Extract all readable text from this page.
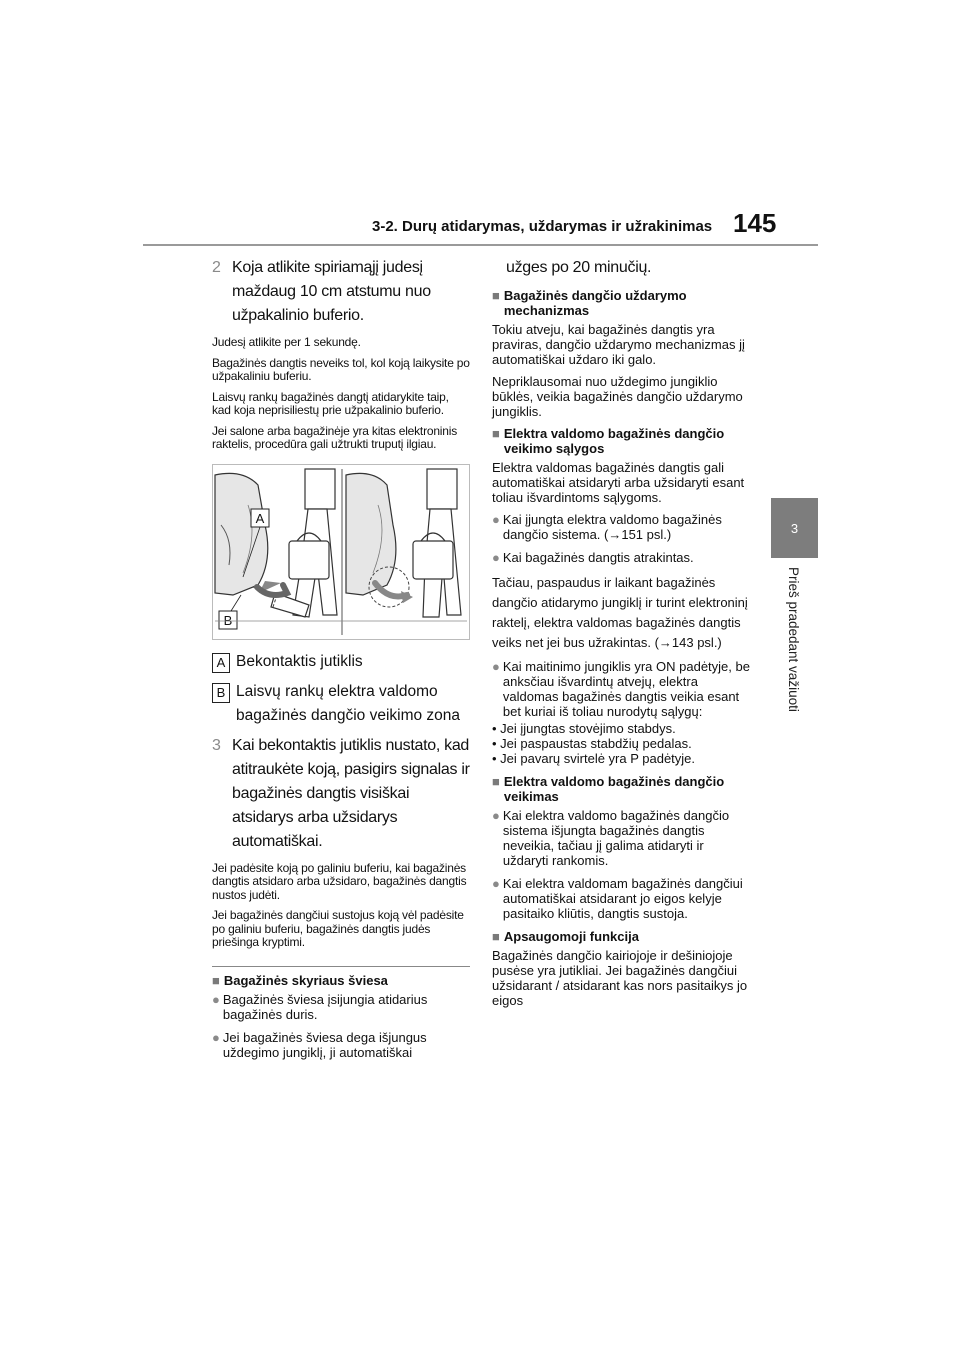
3-2. Durų atidarymas, uždarymas ir užrakinimas 145
3
Prieš pradedant važiuoti
2 Koja atlikite spiriamąjį judesį maždaug 10 cm atstumu nuo užpakalinio buferio.

Judesį atlikite per 1 sekundę.

Bagažinės dangtis neveiks tol, kol koją laikysite po užpakaliniu buferiu.

Laisvų rankų bagažinės dangtį atidarykite taip, kad koja neprisiliestų prie užpakalinio buferio.

Jei salone arba bagažinėje yra kitas elektroninis raktelis, procedūra gali užtrukti truputį ilgiau.

A
B
A Bekontaktis jutiklis
B Laisvų rankų elektra valdomo bagažinės dangčio veikimo zona
3 Kai bekontaktis jutiklis nustato, kad atitraukėte koją, pasigirs signalas ir bagažinės dangtis visiškai atsidarys arba užsidarys automatiškai.

Jei padėsite koją po galiniu buferiu, kai bagažinės dangtis atsidaro arba užsidaro, bagažinės dangtis nustos judėti.

Jei bagažinės dangčiui sustojus koją vėl padėsite po galiniu buferiu, bagažinės dangtis judės priešinga kryptimi.

■ Bagažinės skyriaus šviesa
● Bagažinės šviesa įsijungia atidarius bagažinės duris.
● Jei bagažinės šviesa dega išjungus uždegimo jungiklį, ji automatiškai
užges po 20 minučių.
■ Bagažinės dangčio uždarymo mechanizmas

Tokiu atveju, kai bagažinės dangtis yra praviras, dangčio uždarymo mechanizmas jį automatiškai uždaro iki galo.

Nepriklausomai nuo uždegimo jungiklio būklės, veikia bagažinės dangčio uždarymo jungiklis.

■ Elektra valdomo bagažinės dangčio veikimo sąlygos

Elektra valdomas bagažinės dangtis gali automatiškai atsidaryti arba užsidaryti esant toliau išvardintoms sąlygoms.

● Kai įjungta elektra valdomo bagažinės dangčio sistema. (→151 psl.)
● Kai bagažinės dangtis atrakintas.

Tačiau, paspaudus ir laikant bagažinės dangčio atidarymo jungiklį ir turint elektroninį raktelį, elektra valdomas bagažinės dangtis veiks net jei bus užrakintas. (→143 psl.)

● Kai maitinimo jungiklis yra ON padėtyje, be anksčiau išvardintų atvejų, elektra valdomas bagažinės dangtis veikia esant bet kuriai iš toliau nurodytų sąlygų:
• Jei įjungtas stovėjimo stabdys.
• Jei paspaustas stabdžių pedalas.
• Jei pavarų svirtelė yra P padėtyje.
■ Elektra valdomo bagažinės dangčio veikimas
● Kai elektra valdomo bagažinės dangčio sistema išjungta bagažinės dangtis neveikia, tačiau jį galima atidaryti ir uždaryti rankomis.
● Kai elektra valdomam bagažinės dangčiui automatiškai atsidarant jo eigos kelyje pasitaiko kliūtis, dangtis sustoja.
■ Apsaugomoji funkcija

Bagažinės dangčio kairiojoje ir dešiniojoje pusėse yra jutikliai. Jei bagažinės dangčiui užsidarant / atsidarant kas nors pasitaikys jo eigos
